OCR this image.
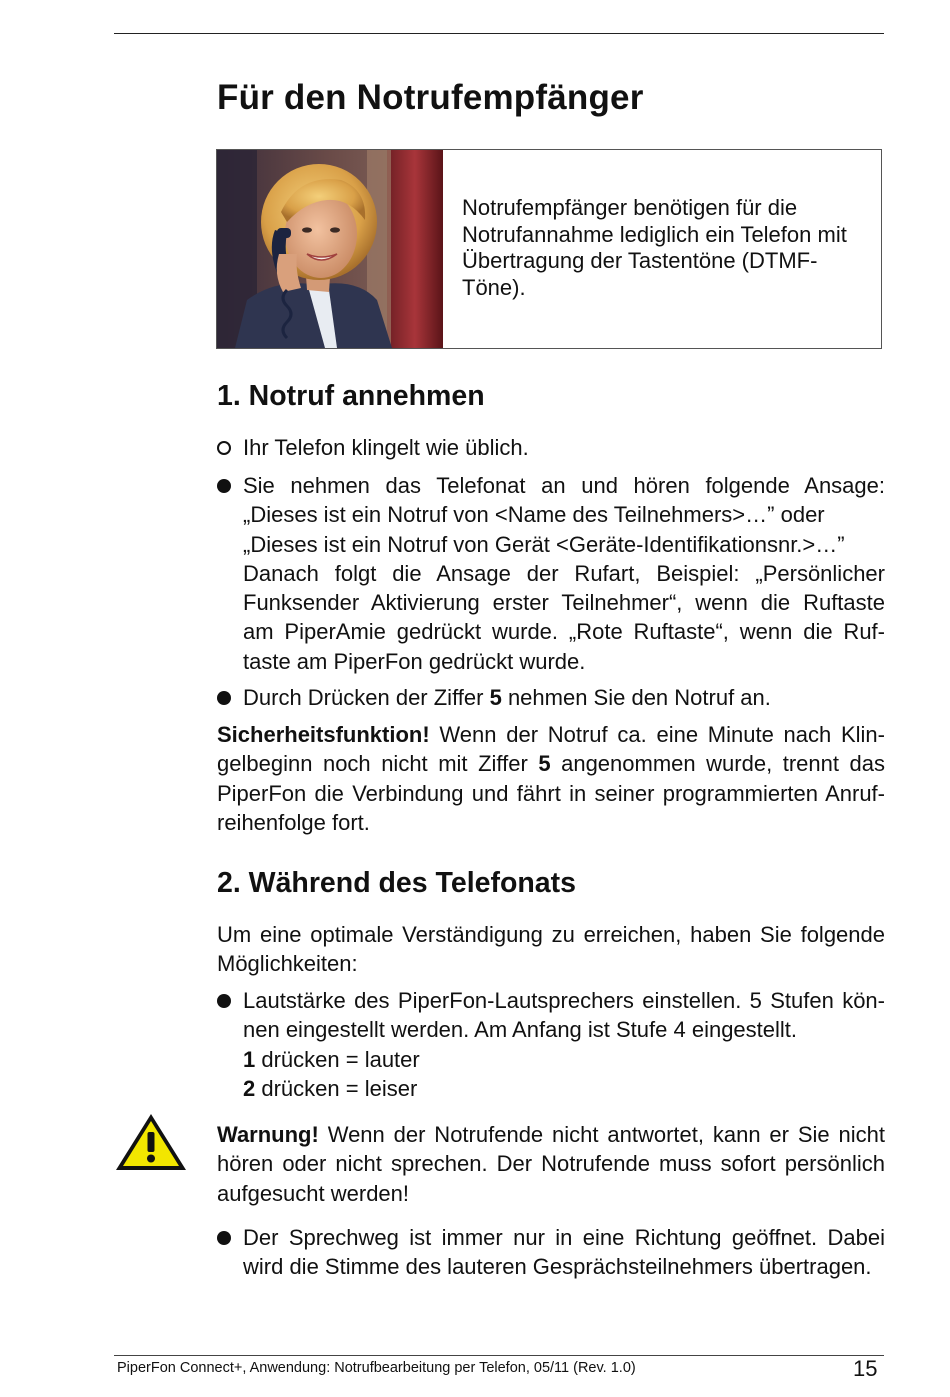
Für den Notrufempfänger

Notrufempfänger benötigen für die Notrufannahme lediglich ein Telefon mit Übertragung der Tastentöne (DTMF-Töne).

1. Notruf annehmen
Ihr Telefon klingelt wie üblich.
Sie nehmen das Telefonat an und hören folgende Ansage:
„Dieses ist ein Notruf von <Name des Teilnehmers>…” oder
„Dieses ist ein Notruf von Gerät <Geräte-Identifikationsnr.>…”
Danach folgt die Ansage der Rufart, Beispiel: „Persönlicher
Funksender Aktivierung erster Teilnehmer“, wenn die Ruftaste
am PiperAmie gedrückt wurde. „Rote Ruftaste“, wenn die Ruf-
taste am PiperFon gedrückt wurde.
Durch Drücken der Ziffer 5 nehmen Sie den Notruf an.

Sicherheitsfunktion! Wenn der Notruf ca. eine Minute nach Klin-
gelbeginn noch nicht mit Ziffer 5 angenommen wurde, trennt das
PiperFon die Verbindung und fährt in seiner programmierten Anruf-
reihenfolge fort.

2. Während des Telefonats

Um eine optimale Verständigung zu erreichen, haben Sie folgende
Möglichkeiten:

Lautstärke des PiperFon-Lautsprechers einstellen. 5 Stufen kön-
nen eingestellt werden. Am Anfang ist Stufe 4 eingestellt.
1 drücken = lauter
2 drücken = leiser

Warnung! Wenn der Notrufende nicht antwortet, kann er Sie nicht
hören oder nicht sprechen. Der Notrufende muss sofort persönlich
aufgesucht werden!

Der Sprechweg ist immer nur in eine Richtung geöffnet. Dabei
wird die Stimme des lauteren Gesprächsteilnehmers übertragen.
PiperFon Connect+, Anwendung: Notrufbearbeitung per Telefon, 05/11 (Rev. 1.0)	15
